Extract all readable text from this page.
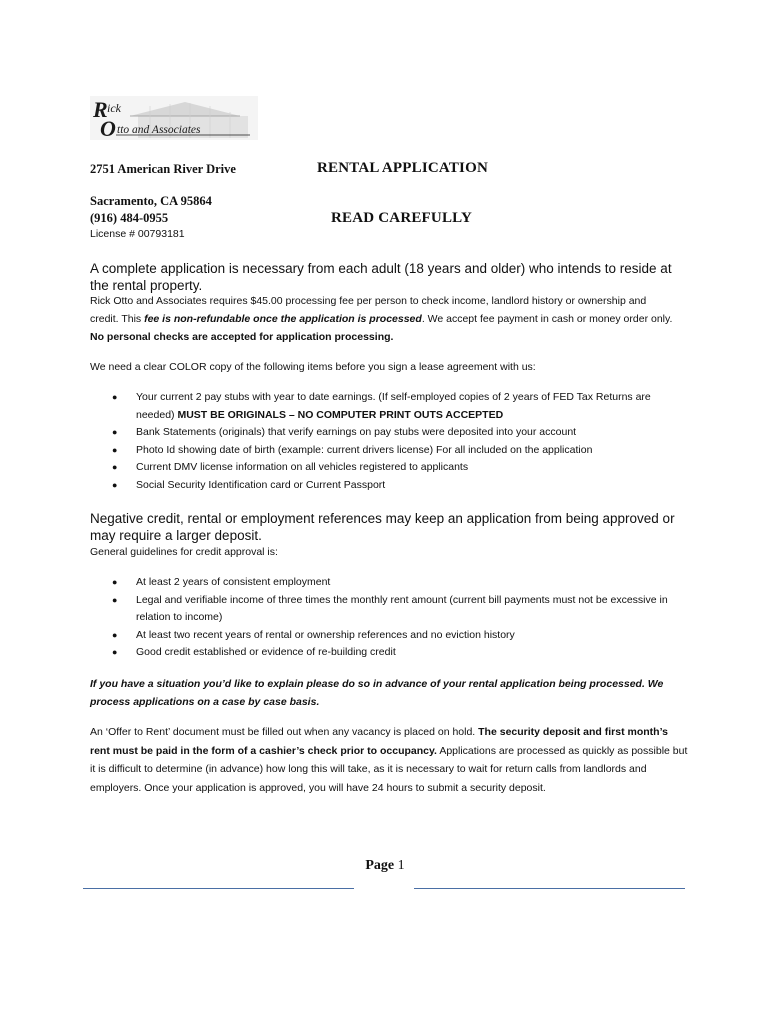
R ick
O tto and Associates
2751 American River Drive
Sacramento, CA 95864
(916) 484-0955
License # 00793181
RENTAL APPLICATION
READ CAREFULLY
A complete application is necessary from each adult (18 years and older) who intends to reside at the rental property.
Rick Otto and Associates requires $45.00 processing fee per person to check income, landlord history or ownership and credit. This fee is non-refundable once the application is processed. We accept fee payment in cash or money order only. No personal checks are accepted for application processing.
We need a clear COLOR copy of the following items before you sign a lease agreement with us:
● Your current 2 pay stubs with year to date earnings. (If self-employed copies of 2 years of FED Tax Returns are needed) MUST BE ORIGINALS – NO COMPUTER PRINT OUTS ACCEPTED
● Bank Statements (originals) that verify earnings on pay stubs were deposited into your account
● Photo Id showing date of birth (example: current drivers license) For all included on the application
● Current DMV license information on all vehicles registered to applicants
● Social Security Identification card or Current Passport
Negative credit, rental or employment references may keep an application from being approved or may require a larger deposit.
General guidelines for credit approval is:
● At least 2 years of consistent employment
● Legal and verifiable income of three times the monthly rent amount (current bill payments must not be excessive in relation to income)
● At least two recent years of rental or ownership references and no eviction history
● Good credit established or evidence of re-building credit
If you have a situation you’d like to explain please do so in advance of your rental application being processed. We process applications on a case by case basis.
An ‘Offer to Rent’ document must be filled out when any vacancy is placed on hold. The security deposit and first month’s rent must be paid in the form of a cashier’s check prior to occupancy. Applications are processed as quickly as possible but it is difficult to determine (in advance) how long this will take, as it is necessary to wait for return calls from landlords and employers. Once your application is approved, you will have 24 hours to submit a security deposit.
Page 1
